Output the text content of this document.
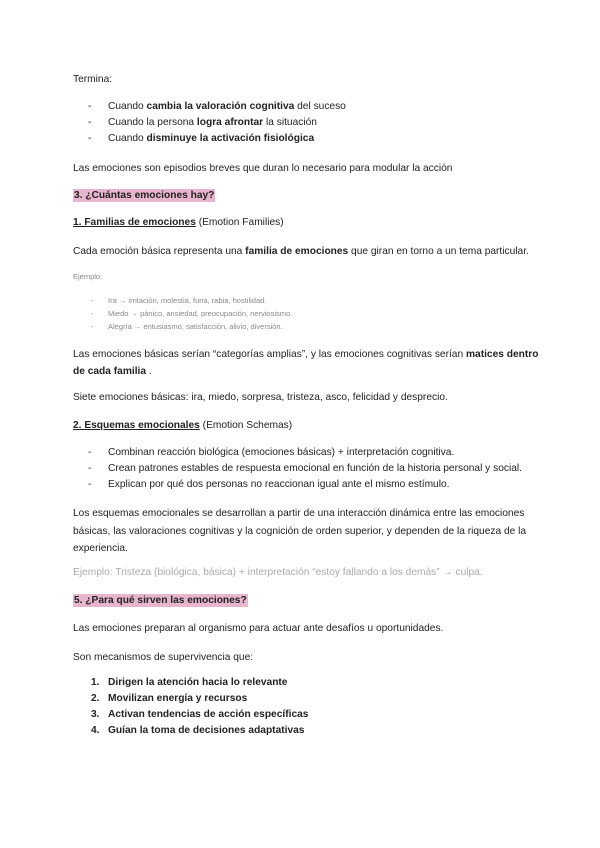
Termina:
- Cuando cambia la valoración cognitiva del suceso
- Cuando la persona logra afrontar la situación
- Cuando disminuye la activación fisiológica
Las emociones son episodios breves que duran lo necesario para modular la acción
3. ¿Cuántas emociones hay?
1. Familias de emociones (Emotion Families)
Cada emoción básica representa una familia de emociones que giran en torno a un tema particular.
Ejemplo:
- Ira → irritación, molestia, furia, rabia, hostilidad.
- Miedo → pánico, ansiedad, preocupación, nerviosismo.
- Alegría → entusiasmo, satisfacción, alivio, diversión.
Las emociones básicas serían “categorías amplias”, y las emociones cognitivas serían matices dentro
de cada familia .
Siete emociones básicas: ira, miedo, sorpresa, tristeza, asco, felicidad y desprecio.
2. Esquemas emocionales (Emotion Schemas)
- Combinan reacción biológica (emociones básicas) + interpretación cognitiva.
- Crean patrones estables de respuesta emocional en función de la historia personal y social.
- Explican por qué dos personas no reaccionan igual ante el mismo estímulo.
Los esquemas emocionales se desarrollan a partir de una interacción dinámica entre las emociones básicas, las valoraciones cognitivas y la cognición de orden superior, y dependen de la riqueza de la experiencia.
Ejemplo: Tristeza (biológica, básica) + interpretación “estoy fallando a los demás” → culpa.
5. ¿Para qué sirven las emociones?
Las emociones preparan al organismo para actuar ante desafíos u oportunidades.
Son mecanismos de supervivencia que:
1. Dirigen la atención hacia lo relevante
2. Movilizan energía y recursos
3. Activan tendencias de acción específicas
4. Guían la toma de decisiones adaptativas
